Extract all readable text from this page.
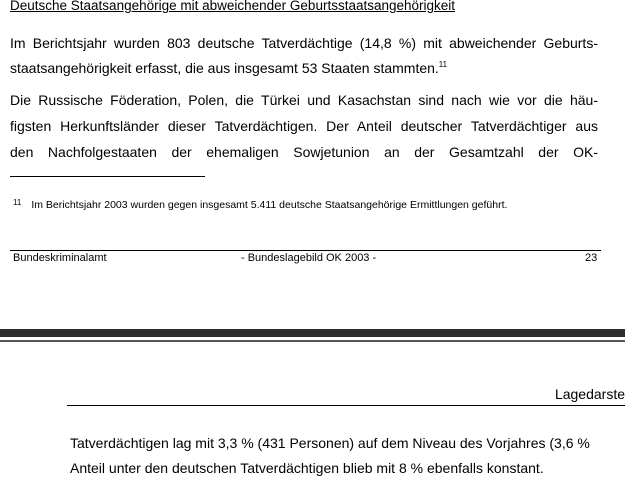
Deutsche Staatsangehörige mit abweichender Geburtsstaatsangehörigkeit
Im Berichtsjahr wurden 803 deutsche Tatverdächtige (14,8 %) mit abweichender Geburts-
staatsangehörigkeit erfasst, die aus insgesamt 53 Staaten stammten.$^{11}$
Die Russische Föderation, Polen, die Türkei und Kasachstan sind nach wie vor die häu-
figsten Herkunftsländer dieser Tatverdächtigen. Der Anteil deutscher Tatverdächtiger aus
den Nachfolgestaaten der ehemaligen Sowjetunion an der Gesamtzahl der OK-
$^{11}$ Im Berichtsjahr 2003 wurden gegen insgesamt 5.411 deutsche Staatsangehörige Ermittlungen geführt.
Bundeskriminalamt	- Bundeslagebild OK 2003 -	23
Lagedarste
Tatverdächtigen lag mit 3,3 % (431 Personen) auf dem Niveau des Vorjahres (3,6 %
Anteil unter den deutschen Tatverdächtigen blieb mit 8 % ebenfalls konstant.
